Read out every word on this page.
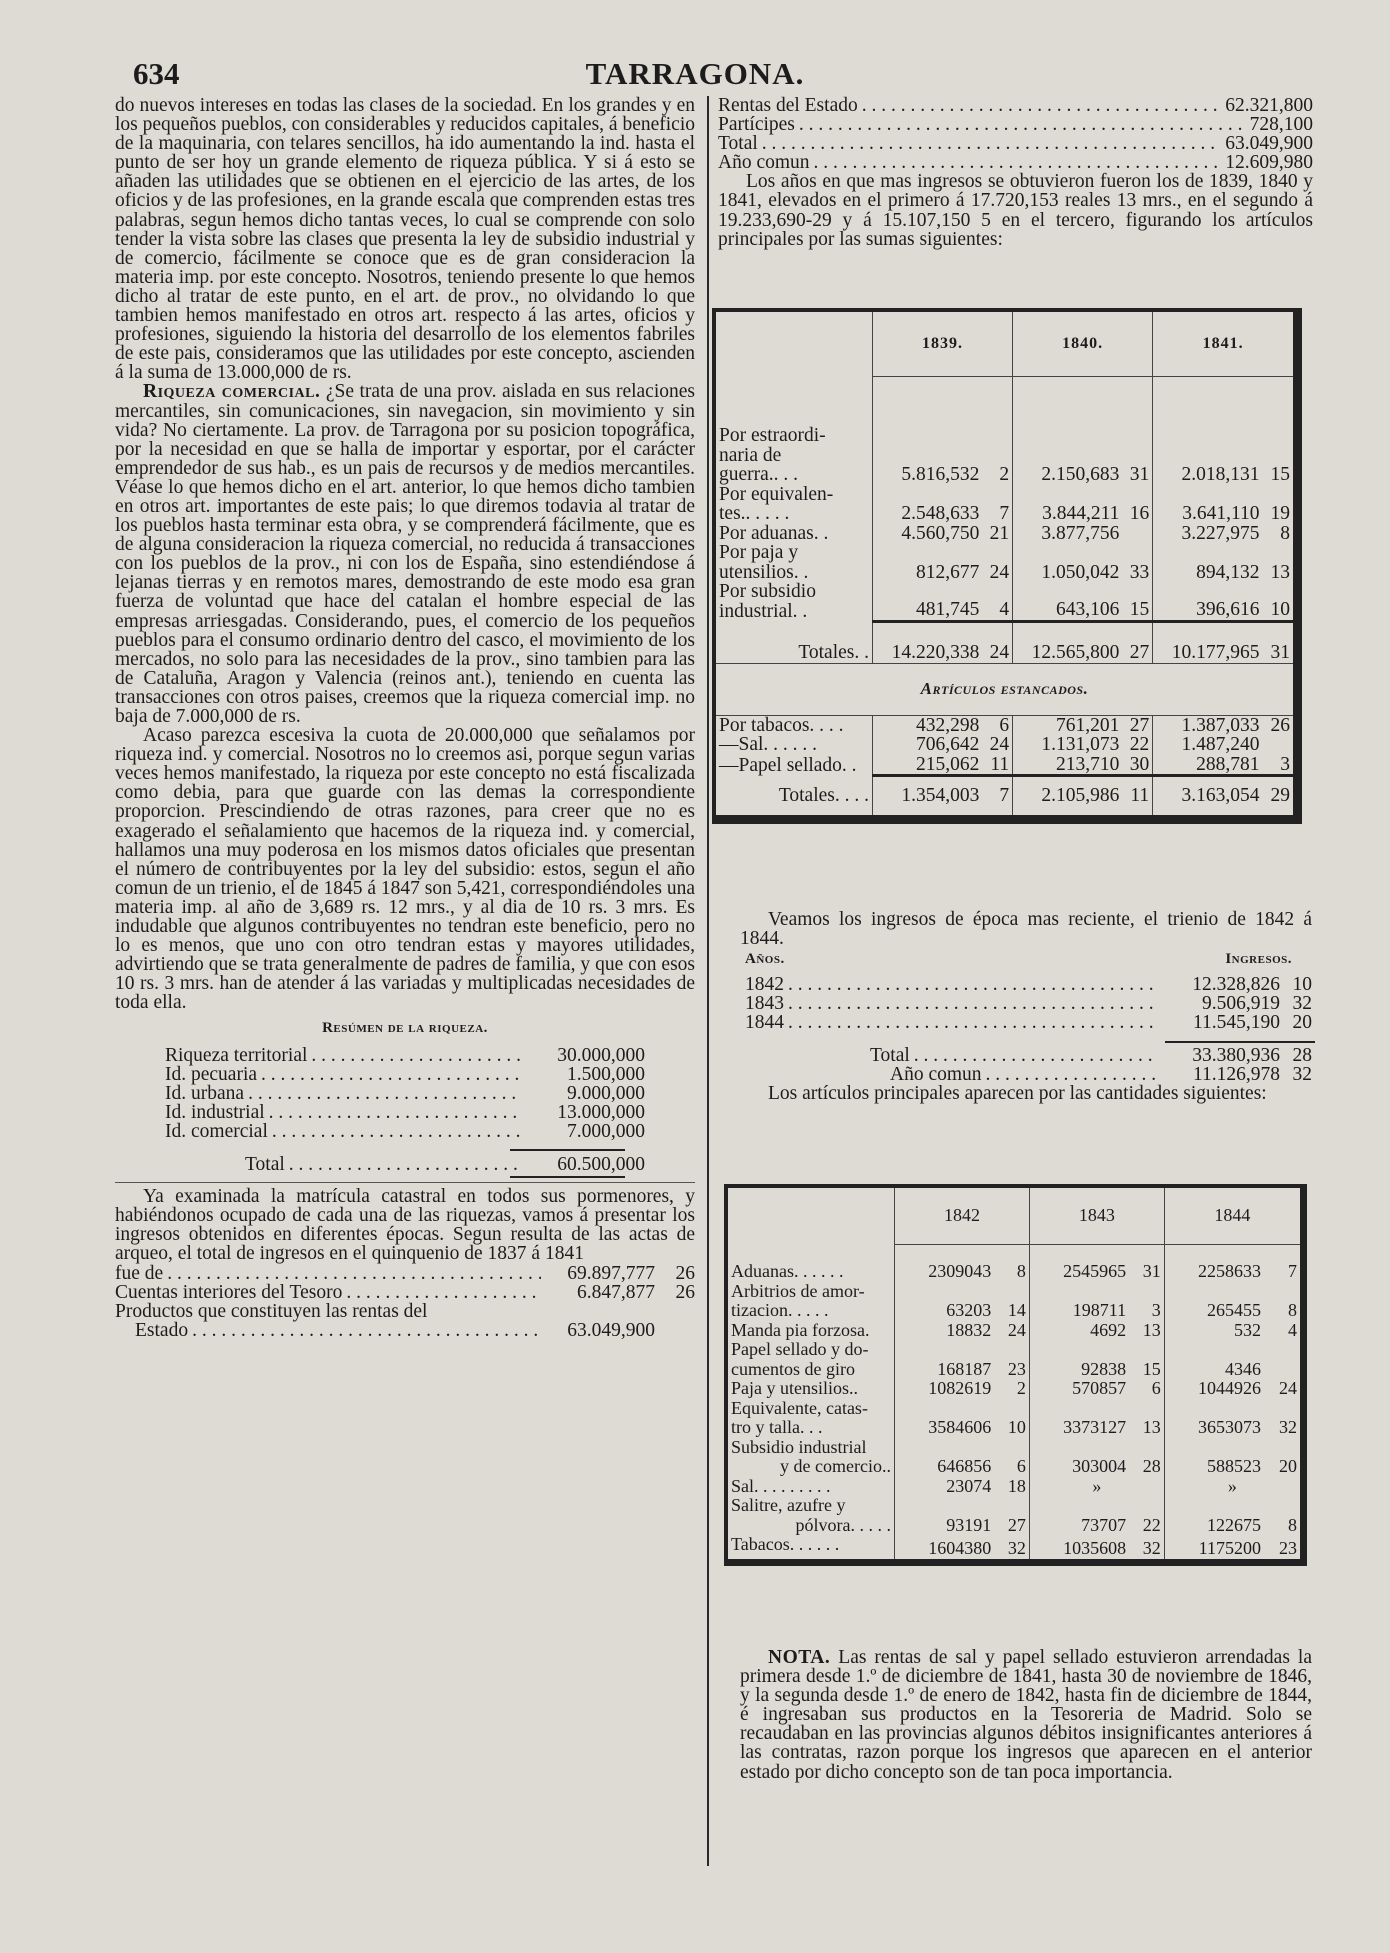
TARRAGONA.
634

do nuevos intereses en todas las clases de la sociedad. En los grandes y en los pequeños pueblos, con considerables y reducidos capitales, á beneficio de la maquinaria, con telares sencillos, ha ido aumentando la ind. hasta el punto de ser hoy un grande elemento de riqueza pública. Y si á esto se añaden las utilidades que se obtienen en el ejercicio de las artes, de los oficios y de las profesiones, en la grande escala que comprenden estas tres palabras, segun hemos dicho tantas veces, lo cual se comprende con solo tender la vista sobre las clases que presenta la ley de subsidio industrial y de comercio, fácilmente se conoce que es de gran consideracion la materia imp. por este concepto. Nosotros, teniendo presente lo que hemos dicho al tratar de este punto, en el art. de prov., no olvidando lo que tambien hemos manifestado en otros art. respecto á las artes, oficios y profesiones, siguiendo la historia del desarrollo de los elementos fabriles de este pais, consideramos que las utilidades por este concepto, ascienden á la suma de 13.000,000 de rs.

Riqueza comercial. ¿Se trata de una prov. aislada en sus relaciones mercantiles, sin comunicaciones, sin navegacion, sin movimiento y sin vida? No ciertamente. La prov. de Tarragona por su posicion topográfica, por la necesidad en que se halla de importar y esportar, por el carácter emprendedor de sus hab., es un pais de recursos y de medios mercantiles. Véase lo que hemos dicho en el art. anterior, lo que hemos dicho tambien en otros art. importantes de este pais; lo que diremos todavia al tratar de los pueblos hasta terminar esta obra, y se comprenderá fácilmente, que es de alguna consideracion la riqueza comercial, no reducida á transacciones con los pueblos de la prov., ni con los de España, sino estendiéndose á lejanas tierras y en remotos mares, demostrando de este modo esa gran fuerza de voluntad que hace del catalan el hombre especial de las empresas arriesgadas. Considerando, pues, el comercio de los pequeños pueblos para el consumo ordinario dentro del casco, el movimiento de los mercados, no solo para las necesidades de la prov., sino tambien para las de Cataluña, Aragon y Valencia (reinos ant.), teniendo en cuenta las transacciones con otros paises, creemos que la riqueza comercial imp. no baja de 7.000,000 de rs.

Acaso parezca escesiva la cuota de 20.000,000 que señalamos por riqueza ind. y comercial. Nosotros no lo creemos asi, porque segun varias veces hemos manifestado, la riqueza por este concepto no está fiscalizada como debia, para que guarde con las demas la correspondiente proporcion. Prescindiendo de otras razones, para creer que no es exagerado el señalamiento que hacemos de la riqueza ind. y comercial, hallamos una muy poderosa en los mismos datos oficiales que presentan el número de contribuyentes por la ley del subsidio: estos, segun el año comun de un trienio, el de 1845 á 1847 son 5,421, correspondiéndoles una materia imp. al año de 3,689 rs. 12 mrs., y al dia de 10 rs. 3 mrs. Es indudable que algunos contribuyentes no tendran este beneficio, pero no lo es menos, que uno con otro tendran estas y mayores utilidades, advirtiendo que se trata generalmente de padres de familia, y que con esos 10 rs. 3 mrs. han de atender á las variadas y multiplicadas necesidades de toda ella.

Resúmen de la riqueza.
Riqueza territorial . . .	30.000,000
Id. pecuaria . . .	1.500,000
Id. urbana . . .	9.000,000
Id. industrial . . .	13.000,000
Id. comercial . . .	7.000,000
Total . . .	60.500,000

Ya examinada la matrícula catastral en todos sus pormenores, y habiéndonos ocupado de cada una de las riquezas, vamos á presentar los ingresos obtenidos en diferentes épocas. Segun resulta de las actas de arqueo, el total de ingresos en el quinquenio de 1837 á 1841

fue de . . .	69.897,777	26
Cuentas interiores del Tesoro . . .	6.847,877	26
Productos que constituyen las rentas del
Estado . . .	63.049,900
Rentas del Estado . . .	62.321,800
Partícipes . . .	728,100
Total . . .	63.049,900
Año comun . . .	12.609,980

Los años en que mas ingresos se obtuvieron fueron los de 1839, 1840 y 1841, elevados en el primero á 17.720,153 reales 13 mrs., en el segundo á 19.233,690-29 y á 15.107,150 5 en el tercero, figurando los artículos principales por las sumas siguientes:

	1839.		1840.		1841.	

Por estraordi-
naria de
guerra.. . .	5.816,532	2	2.150,683	31	2.018,131	15

Por equivalen-
tes.. . . . .	2.548,633	7	3.844,211	16	3.641,110	19

Por aduanas. .	4.560,750	21	3.877,756		3.227,975	8

Por paja y
utensilios. .	812,677	24	1.050,042	33	894,132	13

Por subsidio
industrial. .	481,745	4	643,106	15	396,616	10
Totales. .	14.220,338	24	12.565,800	27	10.177,965	31
Artículos estancados.						
Por tabacos. . . .	432,298	6	761,201	27	1.387,033	26
—Sal. . . . . .	706,642	24	1.131,073	22	1.487,240	
—Papel sellado. .	215,062	11	213,710	30	288,781	3
Totales. . . .	1.354,003	7	2.105,986	11	3.163,054	29

Veamos los ingresos de época mas reciente, el trienio de 1842 á 1844.

Años.	Ingresos.
1842 . . .	12.328,826 10
1843 . . .	9.506,919 32
1844 . . .	11.545,190 20
Total . . .	33.380,936 28
Año comun . . .	11.126,978 32

Los artículos principales aparecen por las cantidades siguientes:

	1842		1843		1844	

Aduanas. . . . . .	2309043	8	2545965	31	2258633	7

Arbitrios de amor-
tizacion. . . . .	63203	14	198711	3	265455	8

Manda pia forzosa.	18832	24	4692	13	532	4

Papel sellado y do-
cumentos de giro	168187	23	92838	15	4346	

Paja y utensilios..	1082619	2	570857	6	1044926	24

Equivalente, catas-
tro y talla. . .	3584606	10	3373127	13	3653073	32

Subsidio industrial
y de comercio..	646856	6	303004	28	588523	20

Sal. . . . . . . . .	23074	18	»		»	

Salitre, azufre y
pólvora. . . . .	93191	27	73707	22	122675	8

Tabacos. . . . . .	1604380	32	1035608	32	1175200	23

NOTA. Las rentas de sal y papel sellado estuvieron arrendadas la primera desde 1.º de diciembre de 1841, hasta 30 de noviembre de 1846, y la segunda desde 1.º de enero de 1842, hasta fin de diciembre de 1844, é ingresaban sus productos en la Tesoreria de Madrid. Solo se recaudaban en las provincias algunos débitos insignificantes anteriores á las contratas, razon porque los ingresos que aparecen en el anterior estado por dicho concepto son de tan poca importancia.
